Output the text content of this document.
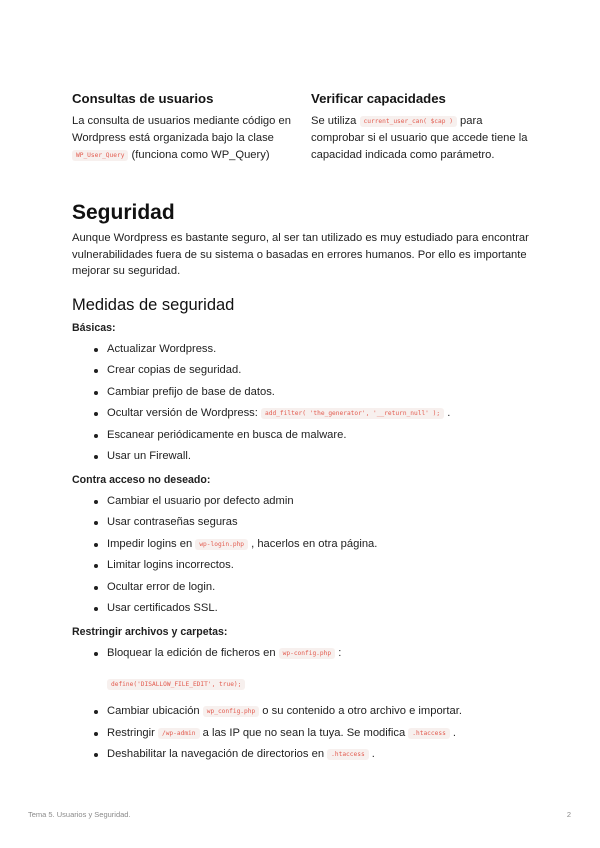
Consultas de usuarios

La consulta de usuarios mediante código en Wordpress está organizada bajo la clase WP_User_Query (funciona como WP_Query)

Verificar capacidades

Se utiliza current_user_can( $cap ) para comprobar si el usuario que accede tiene la capacidad indicada como parámetro.

Seguridad

Aunque Wordpress es bastante seguro, al ser tan utilizado es muy estudiado para encontrar vulnerabilidades fuera de su sistema o basadas en errores humanos. Por ello es importante mejorar su seguridad.

Medidas de seguridad
Básicas:
Actualizar Wordpress.
Crear copias de seguridad.
Cambiar prefijo de base de datos.
Ocultar versión de Wordpress: add_filter( 'the_generator', '__return_null' ); .
Escanear periódicamente en busca de malware.
Usar un Firewall.
Contra acceso no deseado:
Cambiar el usuario por defecto admin
Usar contraseñas seguras
Impedir logins en wp-login.php , hacerlos en otra página.
Limitar logins incorrectos.
Ocultar error de login.
Usar certificados SSL.
Restringir archivos y carpetas:
Bloquear la edición de ficheros en wp-config.php :
define('DISALLOW_FILE_EDIT', true);
Cambiar ubicación wp_config.php o su contenido a otro archivo e importar.
Restringir /wp-admin a las IP que no sean la tuya. Se modifica .htaccess .
Deshabilitar la navegación de directorios en .htaccess .
Tema 5. Usuarios y Seguridad.	2
